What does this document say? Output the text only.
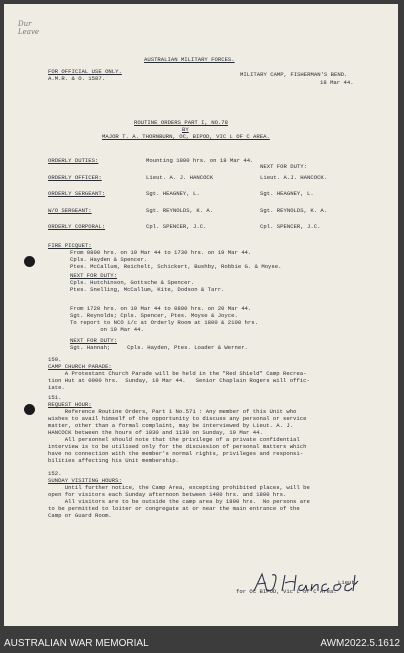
Dur
Leave
AUSTRALIAN MILITARY FORCES.
FOR OFFICIAL USE ONLY.
A.M.R. & O. 1587.
MILITARY CAMP, FISHERMAN'S BEND.
18 Mar 44.
ROUTINE ORDERS PART I, NO.78
BY
MAJOR T. A. THORNBURN, OC, BIPOD, VIC L OF C AREA.
NEXT FOR DUTY:
ORDERLY DUTIES:	Mounting 1800 hrs. on 18 Mar 44.
ORDERLY OFFICER:	Lieut. A. J. HANCOCK	Lieut. A.J. HANCOCK.
ORDERLY SERGEANT:	Sgt. HEAGNEY, L.	Sgt. HEAGNEY, L.
W/O SERGEANT:	Sgt. REYNOLDS, K. A.	Sgt. REYNOLDS, K. A.
ORDERLY CORPORAL:	Cpl. SPENCER, J.C.	Cpl. SPENCER, J.C.
FIRE PICQUET:
From 0800 hrs. on 19 Mar 44 to 1730 hrs. on 19 Mar 44.
Cpls. Hayden & Spencer.
Ptes. McCallum, Reichelt, Schickert, Bushby, Robbie G. & Moyse.
NEXT FOR DUTY:
Cpls. Hutchinson, Gottsche & Spencer.
Ptes. Snelling, McCallum, Kite, Dodson & Tarr.
From 1720 hrs. on 19 Mar 44 to 0800 hrs. on 20 Mar 44.
Sgt. Reynolds; Cpls. Spencer, Ptes. Moyse & Joyce.
To report to NCO i/c at Orderly Room at 1800 & 2100 hrs.
on 19 Mar 44.
NEXT FOR DUTY:
Sgt. Hannah;     Cpls. Hayden, Ptes. Loader & Werner.
150.
CAMP CHURCH PARADE:
A Protestant Church Parade will be held in the "Red Shield" Camp Recrea-
tion Hut at 0900 hrs.  Sunday, 19 Mar 44.   Senior Chaplain Rogers will offic-
iate.
151.
REQUEST HOUR:
Reference Routine Orders, Part 1 No.571 : Any member of this Unit who
wishes to avail himself of the opportunity to discuss any personal or service
matter, other than a formal complaint, may be interviewed by Lieut. A. J.
HANCOCK between the hours of 1030 and 1130 on Sunday, 19 Mar 44.
All personnel should note that the privilege of a private confidential
interview is to be utilised only for the discussion of personal matters which
have no connection with the member's normal rights, privileges and responsi-
bilities affecting his Unit membership.
152.
SUNDAY VISITING HOURS:
Until further notice, the Camp Area, excepting prohibited places, will be
open for visitors each Sunday afternoon between 1400 hrs. and 1800 hrs.
All visitors are to be outside the camp area by 1800 hrs.  No persons are
to be permitted to loiter or congregate at or near the main entrance of the
Camp or Guard Room.

Lieut.
for OC BIPOD, Vic L of C Area.
AUSTRALIAN WAR MEMORIAL	AWM2022.5.1612
